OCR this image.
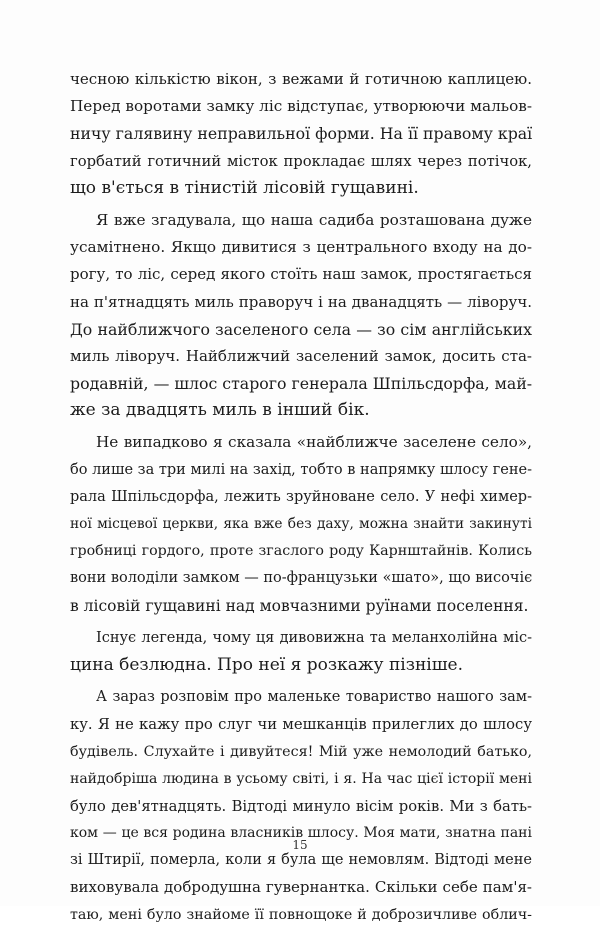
чесною кількістю вікон, з вежами й готичною каплицею.
Перед воротами замку ліс відступає, утворюючи мальов-
ничу галявину неправильної форми. На її правому краї
горбатий готичний місток прокладає шлях через потічок,
що в'ється в тінистій лісовій гущавині.
Я вже згадувала, що наша садиба розташована дуже
усамітнено. Якщо дивитися з центрального входу на до-
рогу, то ліс, серед якого стоїть наш замок, простягається
на п'ятнадцять миль праворуч і на дванадцять — ліворуч.
До найближчого заселеного села — зо сім англійських
миль ліворуч. Найближчий заселений замок, досить ста-
родавній, — шлос старого генерала Шпільсдорфа, май-
же за двадцять миль в інший бік.
Не випадково я сказала «найближче заселене село»,
бо лише за три милі на захід, тобто в напрямку шлосу гене-
рала Шпільсдорфа, лежить зруйноване село. У нефі химер-
ної місцевої церкви, яка вже без даху, можна знайти закинуті
гробниці гордого, проте згаслого роду Карнштайнів. Колись
вони володіли замком — по-французьки «шато», що височіє
в лісовій гущавині над мовчазними руїнами поселення.
Існує легенда, чому ця дивовижна та меланхолійна міс-
цина безлюдна. Про неї я розкажу пізніше.
А зараз розповім про маленьке товариство нашого зам-
ку. Я не кажу про слуг чи мешканців прилеглих до шлосу
будівель. Слухайте і дивуйтеся! Мій уже немолодий батько,
найдобріша людина в усьому світі, і я. На час цієї історії мені
було дев'ятнадцять. Відтоді минуло вісім років. Ми з бать-
ком — це вся родина власників шлосу. Моя мати, знатна пані
зі Штирії, померла, коли я була ще немовлям. Відтоді мене
виховувала добродушна гувернантка. Скільки себе пам'я-
таю, мені було знайоме її повнощоке й доброзичливе облич-
15
